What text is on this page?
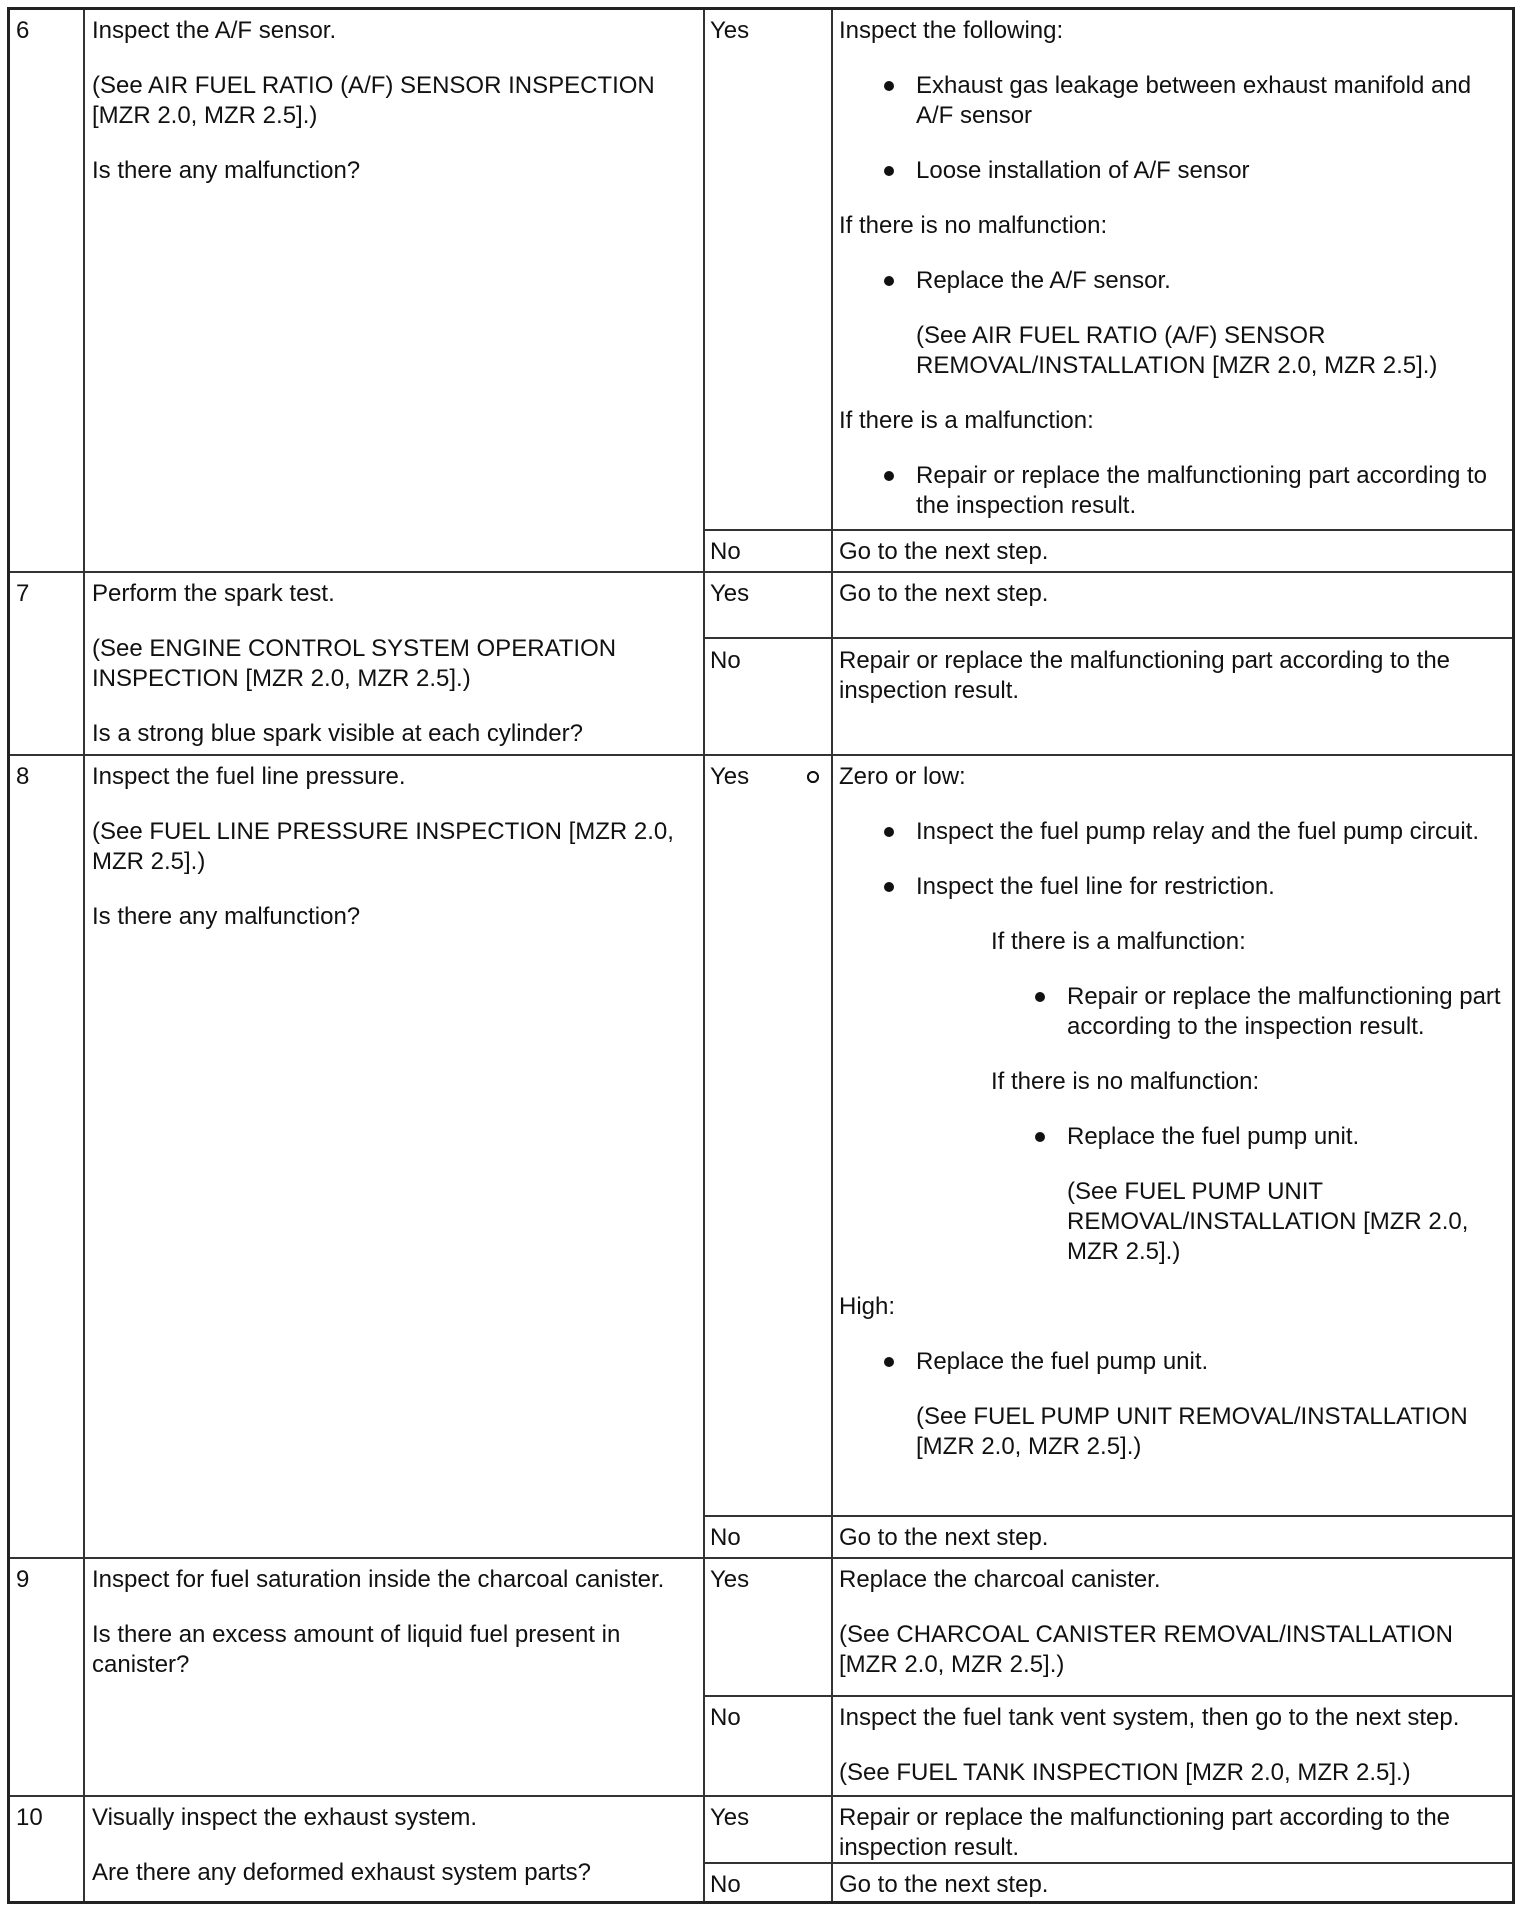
6	Inspect the A/F sensor.

(See AIR FUEL RATIO (A/F) SENSOR INSPECTION [MZR 2.0, MZR 2.5].)

Is there any malfunction?

Yes	Inspect the following:

Exhaust gas leakage between exhaust manifold and A/F sensor

Loose installation of A/F sensor

If there is no malfunction:

Replace the A/F sensor.

(See AIR FUEL RATIO (A/F) SENSOR REMOVAL/INSTALLATION [MZR 2.0, MZR 2.5].)

If there is a malfunction:

Repair or replace the malfunctioning part according to the inspection result.

No	Go to the next step.
7	Perform the spark test.

(See ENGINE CONTROL SYSTEM OPERATION INSPECTION [MZR 2.0, MZR 2.5].)

Is a strong blue spark visible at each cylinder?

Yes	Go to the next step.
No	Repair or replace the malfunctioning part according to the inspection result.
8	Inspect the fuel line pressure.

(See FUEL LINE PRESSURE INSPECTION [MZR 2.0, MZR 2.5].)

Is there any malfunction?

Yes	Zero or low:

Inspect the fuel pump relay and the fuel pump circuit.

Inspect the fuel line for restriction.

If there is a malfunction:

Repair or replace the malfunctioning part according to the inspection result.

If there is no malfunction:

Replace the fuel pump unit.

(See FUEL PUMP UNIT REMOVAL/INSTALLATION [MZR 2.0, MZR 2.5].)

High:

Replace the fuel pump unit.

(See FUEL PUMP UNIT REMOVAL/INSTALLATION [MZR 2.0, MZR 2.5].)

No	Go to the next step.
9	Inspect for fuel saturation inside the charcoal canister.

Is there an excess amount of liquid fuel present in canister?

Yes	Replace the charcoal canister.

(See CHARCOAL CANISTER REMOVAL/INSTALLATION [MZR 2.0, MZR 2.5].)

No	Inspect the fuel tank vent system, then go to the next step.

(See FUEL TANK INSPECTION [MZR 2.0, MZR 2.5].)

10	Visually inspect the exhaust system.

Are there any deformed exhaust system parts?

Yes	Repair or replace the malfunctioning part according to the inspection result.
No	Go to the next step.
